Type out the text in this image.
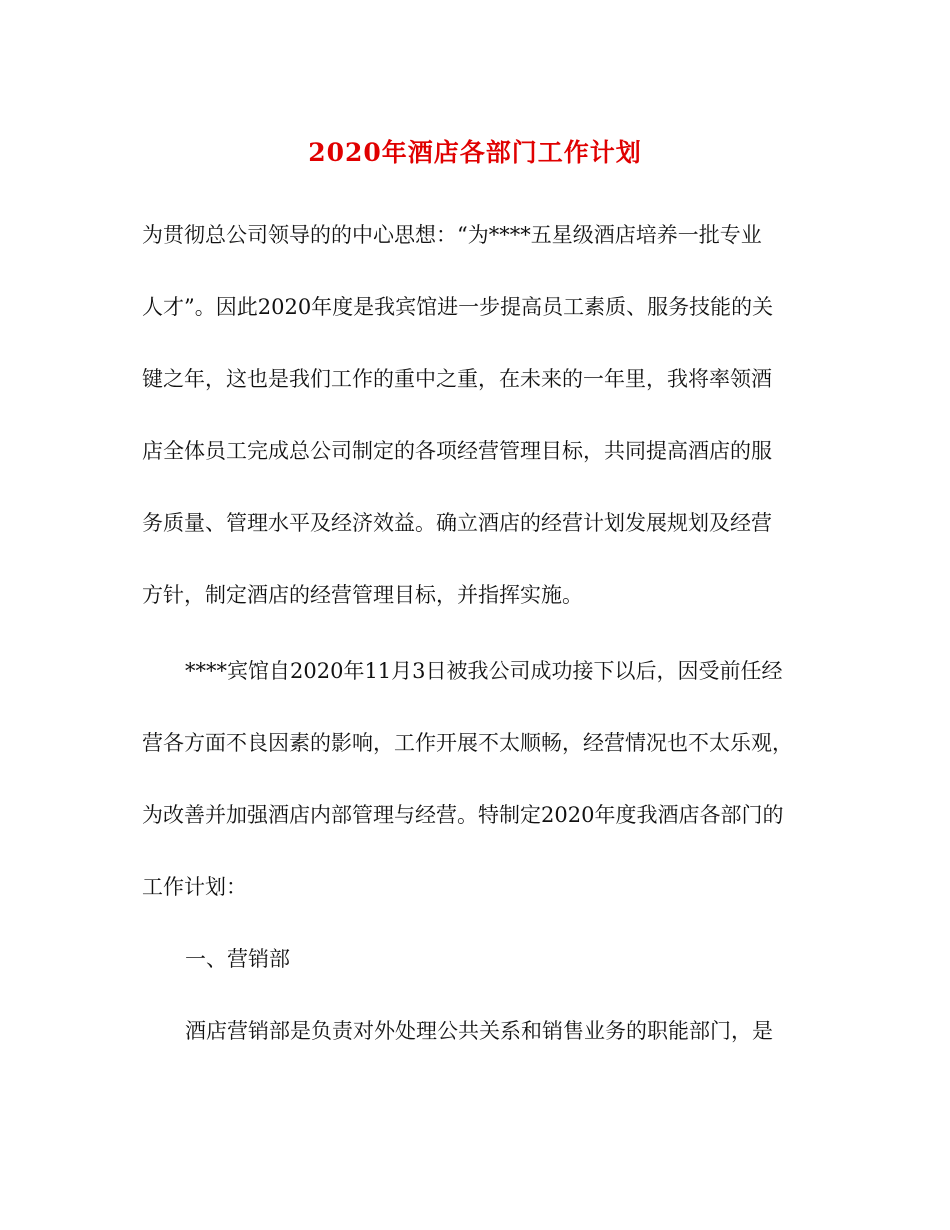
2020年酒店各部门工作计划

为贯彻总公司领导的的中心思想：“为****五星级酒店培养一批专业

人才”。因此2020年度是我宾馆进一步提高员工素质、服务技能的关

键之年，这也是我们工作的重中之重，在未来的一年里，我将率领酒

店全体员工完成总公司制定的各项经营管理目标，共同提高酒店的服

务质量、管理水平及经济效益。确立酒店的经营计划发展规划及经营

方针，制定酒店的经营管理目标，并指挥实施。

****宾馆自2020年11月3日被我公司成功接下以后，因受前任经

营各方面不良因素的影响，工作开展不太顺畅，经营情况也不太乐观，

为改善并加强酒店内部管理与经营。特制定2020年度我酒店各部门的

工作计划：

一、营销部

酒店营销部是负责对外处理公共关系和销售业务的职能部门，是
